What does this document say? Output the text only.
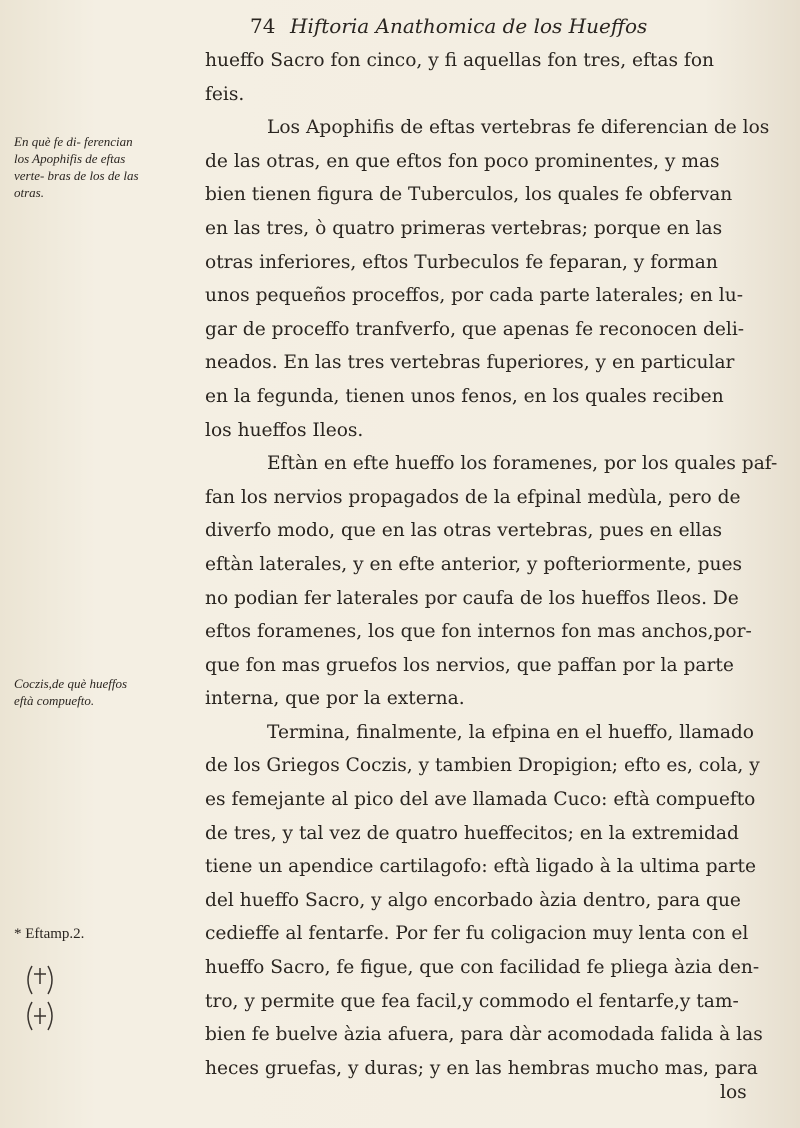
74 Hiftoria Anathomica de los Hueffos
En què fe di- ferencian los Apophifis de eftas verte- bras de los de las otras.
Coczis,de què hueffos eftà compuefto.
* Eftamp.2.
hueffo Sacro fon cinco, y fi aquellas fon tres, eftas fon
feis.
Los Apophifis de eftas vertebras fe diferencian de los
de las otras, en que eftos fon poco prominentes, y mas
bien tienen figura de Tuberculos, los quales fe obfervan
en las tres, ò quatro primeras vertebras; porque en las
otras inferiores, eftos Turbeculos fe feparan, y forman
unos pequeños proceffos, por cada parte laterales; en lu-
gar de proceffo tranfverfo, que apenas fe reconocen deli-
neados. En las tres vertebras fuperiores, y en particular
en la fegunda, tienen unos fenos, en los quales reciben
los hueffos Ileos.
Eftàn en efte hueffo los foramenes, por los quales paf-
fan los nervios propagados de la efpinal medùla, pero de
diverfo modo, que en las otras vertebras, pues en ellas
eftàn laterales, y en efte anterior, y pofteriormente, pues
no podian fer laterales por caufa de los hueffos Ileos. De
eftos foramenes, los que fon internos fon mas anchos,por-
que fon mas gruefos los nervios, que paffan por la parte
interna, que por la externa.
Termina, finalmente, la efpina en el hueffo, llamado
de los Griegos Coczis, y tambien Dropigion; efto es, cola, y
es femejante al pico del ave llamada Cuco: eftà compuefto
de tres, y tal vez de quatro hueffecitos; en la extremidad
tiene un apendice cartilagofo: eftà ligado à la ultima parte
del hueffo Sacro, y algo encorbado àzia dentro, para que
cedieffe al fentarfe. Por fer fu coligacion muy lenta con el
hueffo Sacro, fe figue, que con facilidad fe pliega àzia den-
tro, y permite que fea facil,y commodo el fentarfe,y tam-
bien fe buelve àzia afuera, para dàr acomodada falida à las
heces gruefas, y duras; y en las hembras mucho mas, para
los
